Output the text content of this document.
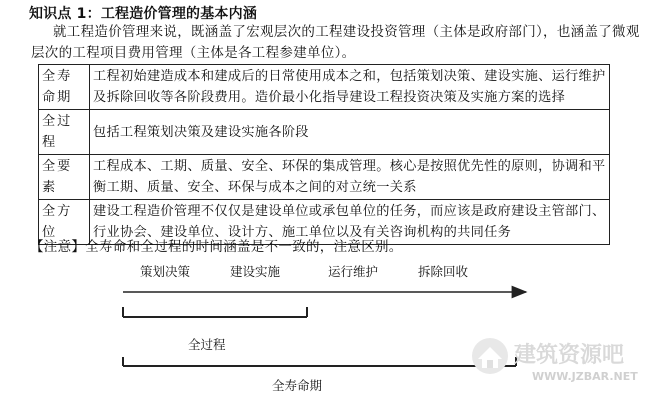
知识点 1：工程造价管理的基本内涵

就工程造价管理来说，既涵盖了宏观层次的工程建设投资管理（主体是政府部门），也涵盖了微观层次的工程项目费用管理（主体是各工程参建单位）。

全寿命期	工程初始建造成本和建成后的日常使用成本之和，包括策划决策、建设实施、运行维护及拆除回收等各阶段费用。造价最小化指导建设工程投资决策及实施方案的选择
全过程	包括工程策划决策及建设实施各阶段
全要素	工程成本、工期、质量、安全、环保的集成管理。核心是按照优先性的原则，协调和平衡工期、质量、安全、环保与成本之间的对立统一关系
全方位	建设工程造价管理不仅仅是建设单位或承包单位的任务，而应该是政府建设主管部门、行业协会、建设单位、设计方、施工单位以及有关咨询机构的共同任务
【注意】全寿命和全过程的时间涵盖是不一致的，注意区别。
策划决策	建设实施	运行维护	拆除回收
全过程
全寿命期
建筑资源吧
WWW.JZBAR.NET
